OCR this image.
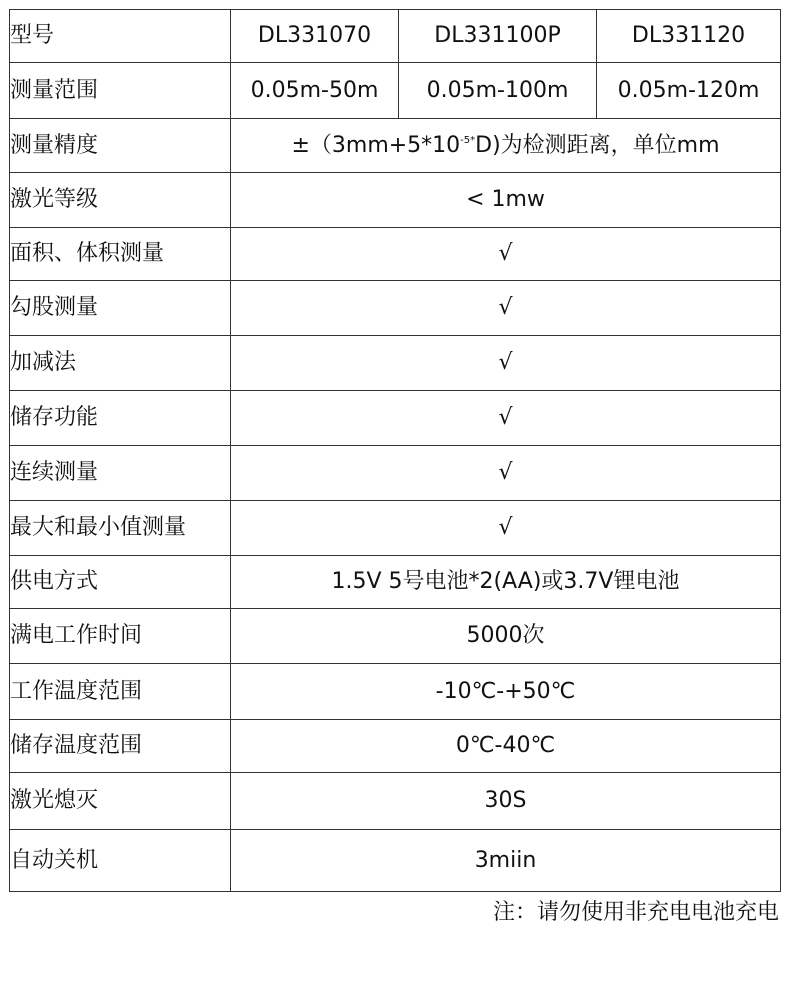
型号	DL331070	DL331100P	DL331120
测量范围	0.05m-50m	0.05m-100m	0.05m-120m
测量精度	$\pm(3mm+5*10^{-5*}D)$为检测距离，单位mm		
激光等级	< 1mw		
面积、体积测量	√		
勾股测量	√		
加减法	√		
储存功能	√		
连续测量	√		
最大和最小值测量	√		
供电方式	1.5V 5号电池*2(AA)或3.7V锂电池		
满电工作时间	5000次		
工作温度范围	-10℃-+50℃		
储存温度范围	0℃-40℃		
激光熄灭	30S		
自动关机	3miin		
注：请勿使用非充电电池充电
